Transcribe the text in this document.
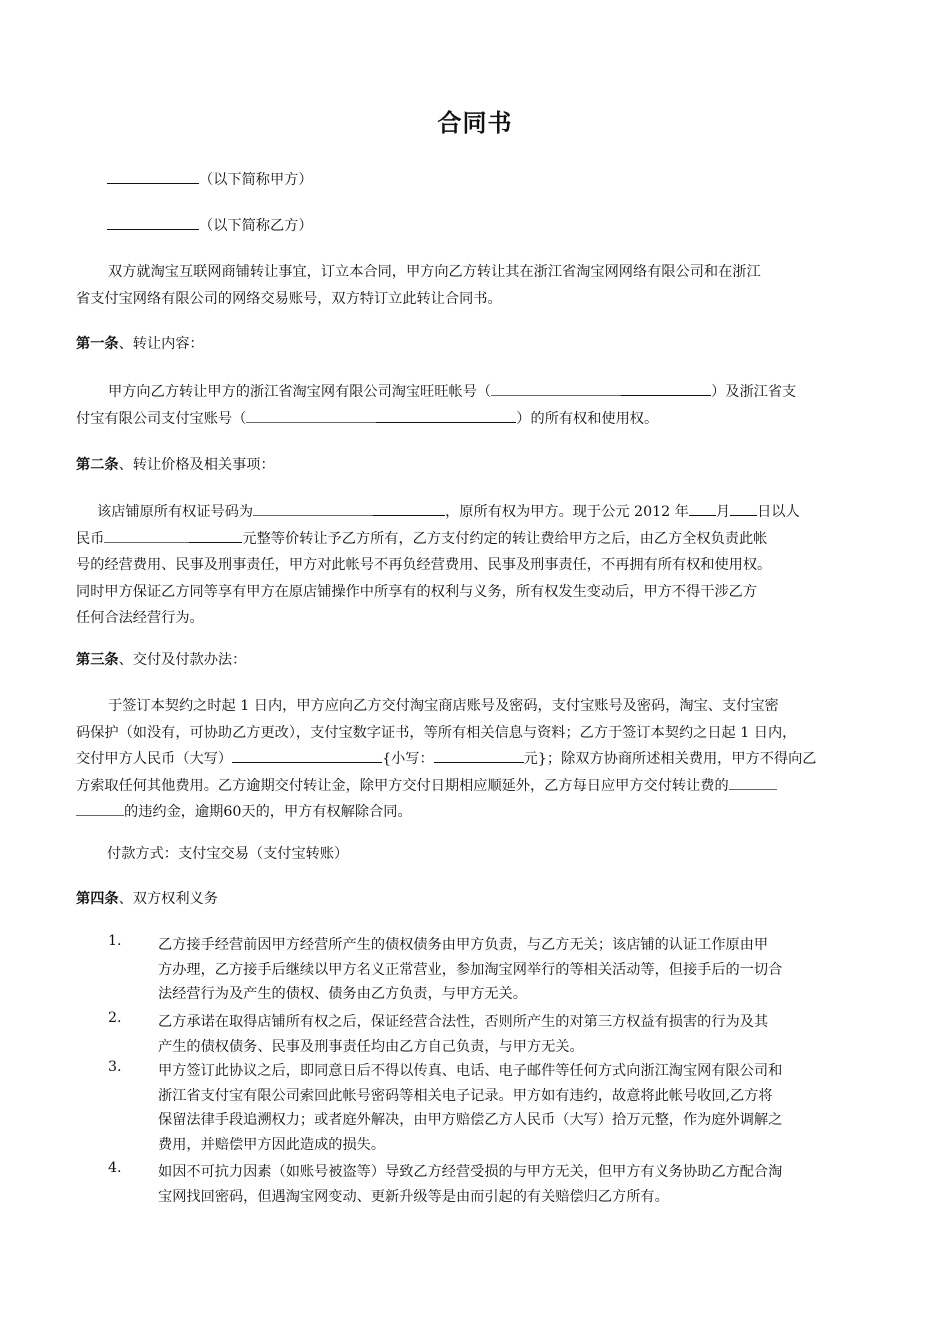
合同书
（以下简称甲方）
（以下简称乙方）
双方就淘宝互联网商铺转让事宜，订立本合同，甲方向乙方转让其在浙江省淘宝网网络有限公司和在浙江
省支付宝网络有限公司的网络交易账号，双方特订立此转让合同书。
第一条、转让内容：
甲方向乙方转让甲方的浙江省淘宝网有限公司淘宝旺旺帐号（	）及浙江省支
付宝有限公司支付宝账号（	）的所有权和使用权。
第二条、转让价格及相关事项：
该店铺原所有权证号码为	，原所有权为甲方。现于公元 2012 年 月 日以人
民币	元整等价转让予乙方所有，乙方支付约定的转让费给甲方之后，由乙方全权负责此帐
号的经营费用、民事及刑事责任，甲方对此帐号不再负经营费用、民事及刑事责任，不再拥有所有权和使用权。
同时甲方保证乙方同等享有甲方在原店铺操作中所享有的权利与义务，所有权发生变动后，甲方不得干涉乙方
任何合法经营行为。
第三条、交付及付款办法：
于签订本契约之时起 1 日内，甲方应向乙方交付淘宝商店账号及密码，支付宝账号及密码，淘宝、支付宝密
码保护（如没有，可协助乙方更改），支付宝数字证书，等所有相关信息与资料；乙方于签订本契约之日起 1 日内，
交付甲方人民币（大写）	{小写：	元}；除双方协商所述相关费用，甲方不得向乙
方索取任何其他费用。乙方逾期交付转让金，除甲方交付日期相应顺延外，乙方每日应甲方交付转让费的
的违约金，逾期60天的，甲方有权解除合同。
付款方式：支付宝交易（支付宝转账）
第四条、双方权利义务
1.	乙方接手经营前因甲方经营所产生的债权债务由甲方负责，与乙方无关；该店铺的认证工作原由甲
方办理，乙方接手后继续以甲方名义正常营业，参加淘宝网举行的等相关活动等，但接手后的一切合
法经营行为及产生的债权、债务由乙方负责，与甲方无关。
2.	乙方承诺在取得店铺所有权之后，保证经营合法性，否则所产生的对第三方权益有损害的行为及其
产生的债权债务、民事及刑事责任均由乙方自己负责，与甲方无关。
3.	甲方签订此协议之后，即同意日后不得以传真、电话、电子邮件等任何方式向浙江淘宝网有限公司和
浙江省支付宝有限公司索回此帐号密码等相关电子记录。甲方如有违约，故意将此帐号收回,乙方将
保留法律手段追溯权力；或者庭外解决，由甲方赔偿乙方人民币（大写）拾万元整，作为庭外调解之
费用，并赔偿甲方因此造成的损失。
4.	如因不可抗力因素（如账号被盗等）导致乙方经营受损的与甲方无关，但甲方有义务协助乙方配合淘
宝网找回密码，但遇淘宝网变动、更新升级等是由而引起的有关赔偿归乙方所有。
